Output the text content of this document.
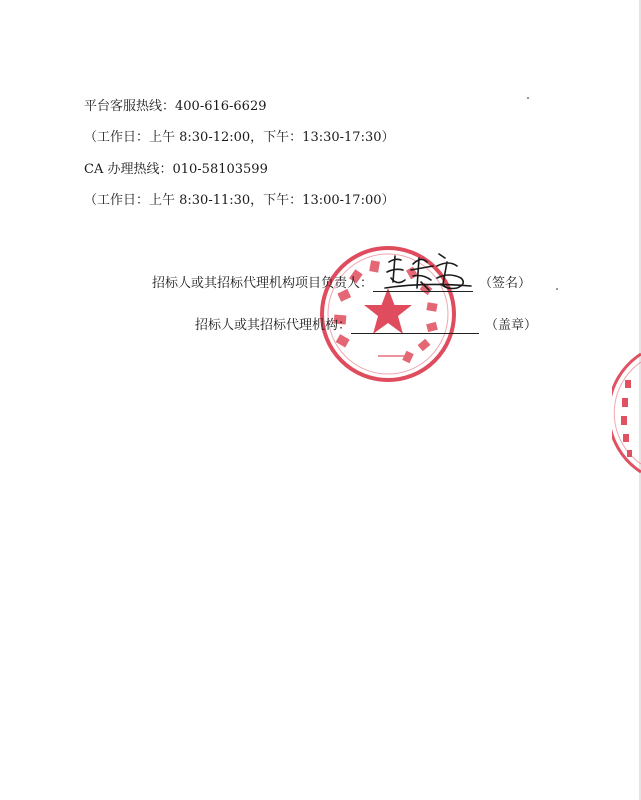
平台客服热线：400-616-6629
（工作日：上午 8:30-12:00，下午：13:30-17:30）
CA 办理热线：010-58103599
（工作日：上午 8:30-11:30，下午：13:00-17:00）
招标人或其招标代理机构项目负责人：	（签名）
招标人或其招标代理机构：	（盖章）
